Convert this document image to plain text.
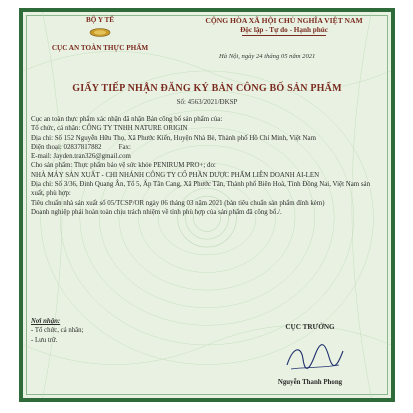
BỘ Y TẾ
CỤC AN TOÀN THỰC PHẨM
CỘNG HÒA XÃ HỘI CHỦ NGHĨA VIỆT NAM
Độc lập - Tự do - Hạnh phúc
Hà Nội, ngày 24 tháng 05 năm 2021
GIẤY TIẾP NHẬN ĐĂNG KÝ BẢN CÔNG BỐ SẢN PHẨM
Số: 4563/2021/ĐKSP

Cục an toàn thực phẩm xác nhận đã nhận Bản công bố sản phẩm của:

Tổ chức, cá nhân: CÔNG TY TNHH NATURE ORIGIN

Địa chỉ: Số 152 Nguyễn Hữu Thọ, Xã Phước Kiển, Huyện Nhà Bè, Thành phố Hồ Chí Minh, Việt Nam

Điện thoại: 02837817882          Fax:

E-mail: Jayden.tran326@gmail.com

Cho sản phẩm: Thực phẩm bảo vệ sức khỏe PENIRUM PRO+; do:

NHÀ MÁY SẢN XUẤT - CHI NHÁNH CÔNG TY CỔ PHẦN DƯỢC PHẨM LIÊN DOANH AI-LEN

Địa chỉ: Số 3/36, Đinh Quang Ân, Tổ 5, Ấp Tân Cang, Xã Phước Tân, Thành phố Biên Hoà, Tỉnh Đồng Nai, Việt Nam sản xuất, phù hợp:

Tiêu chuẩn nhà sản xuất số 05/TCSP/OR ngày 06 tháng 03 năm 2021 (bản tiêu chuẩn sản phẩm đính kèm)

Doanh nghiệp phải hoàn toàn chịu trách nhiệm về tính phù hợp của sản phẩm đã công bố./.

Nơi nhận:
- Tổ chức, cá nhân;
- Lưu trữ.
CỤC TRƯỞNG
Nguyễn Thanh Phong
